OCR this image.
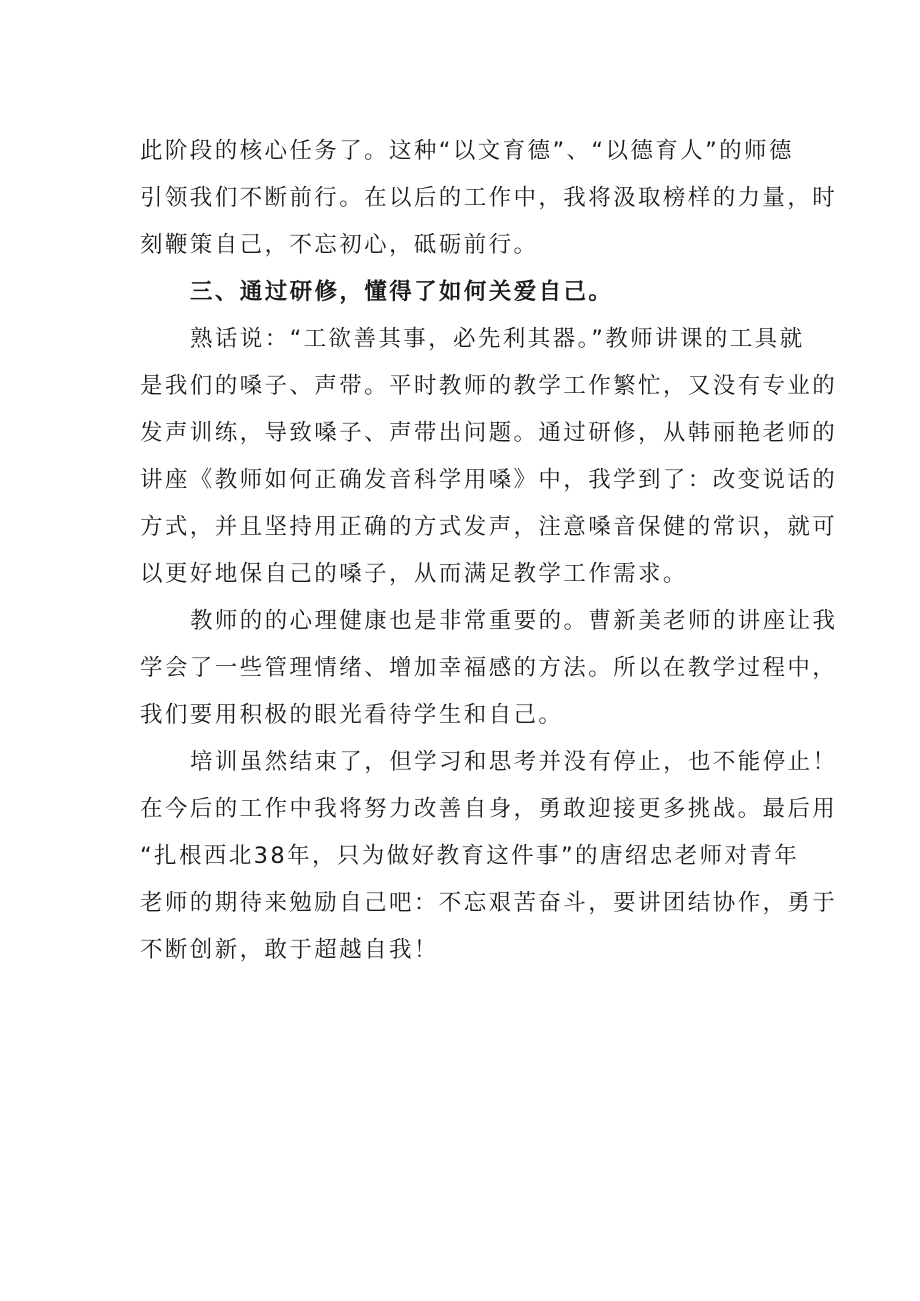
此阶段的核心任务了。这种“以文育德”、“以德育人”的师德
引领我们不断前行。在以后的工作中，我将汲取榜样的力量，时
刻鞭策自己，不忘初心，砥砺前行。
三、通过研修，懂得了如何关爱自己。
熟话说：“工欲善其事，必先利其器。”教师讲课的工具就
是我们的嗓子、声带。平时教师的教学工作繁忙，又没有专业的
发声训练，导致嗓子、声带出问题。通过研修，从韩丽艳老师的
讲座《教师如何正确发音科学用嗓》中，我学到了：改变说话的
方式，并且坚持用正确的方式发声，注意嗓音保健的常识，就可
以更好地保自己的嗓子，从而满足教学工作需求。
教师的的心理健康也是非常重要的。曹新美老师的讲座让我
学会了一些管理情绪、增加幸福感的方法。所以在教学过程中，
我们要用积极的眼光看待学生和自己。
培训虽然结束了，但学习和思考并没有停止，也不能停止！
在今后的工作中我将努力改善自身，勇敢迎接更多挑战。最后用
“扎根西北38年，只为做好教育这件事”的唐绍忠老师对青年
老师的期待来勉励自己吧：不忘艰苦奋斗，要讲团结协作，勇于
不断创新，敢于超越自我！
